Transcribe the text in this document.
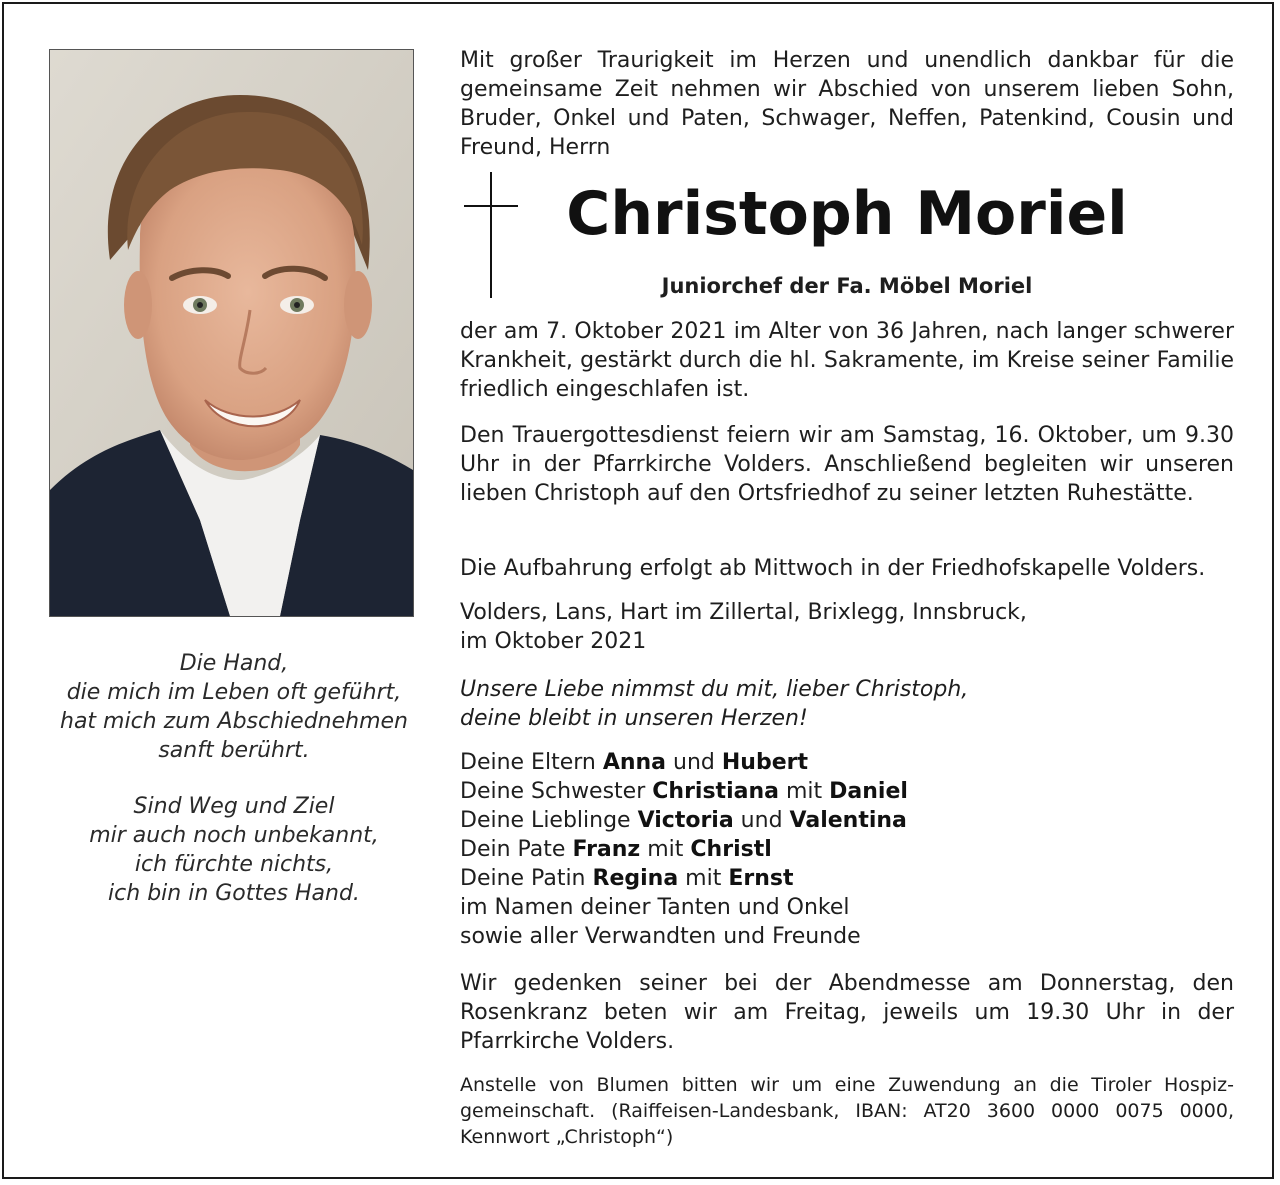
Die Hand,
die mich im Leben oft geführt,
hat mich zum Abschiednehmen
sanft berührt.
Sind Weg und Ziel
mir auch noch unbekannt,
ich fürchte nichts,
ich bin in Gottes Hand.
Mit großer Traurigkeit im Herzen und unendlich dankbar für die gemeinsame Zeit nehmen wir Abschied von unserem lieben Sohn, Bruder, Onkel und Paten, Schwager, Neffen, Patenkind, Cousin und Freund, Herrn
Christoph Moriel
Juniorchef der Fa. Möbel Moriel
der am 7. Oktober 2021 im Alter von 36 Jahren, nach langer schwerer Krankheit, gestärkt durch die hl. Sakramente, im Kreise seiner Familie friedlich eingeschlafen ist.
Den Trauergottesdienst feiern wir am Samstag, 16. Oktober, um 9.30 Uhr in der Pfarrkirche Volders. Anschließend begleiten wir unseren lieben Christoph auf den Ortsfriedhof zu seiner letzten Ruhestätte.
Die Aufbahrung erfolgt ab Mittwoch in der Friedhofskapelle Volders.
Volders, Lans, Hart im Zillertal, Brixlegg, Innsbruck,
im Oktober 2021
Unsere Liebe nimmst du mit, lieber Christoph,
deine bleibt in unseren Herzen!
Deine Eltern Anna und Hubert
Deine Schwester Christiana mit Daniel
Deine Lieblinge Victoria und Valentina
Dein Pate Franz mit Christl
Deine Patin Regina mit Ernst
im Namen deiner Tanten und Onkel
sowie aller Verwandten und Freunde
Wir gedenken seiner bei der Abendmesse am Donnerstag, den Rosenkranz beten wir am Freitag, jeweils um 19.30 Uhr in der Pfarrkirche Volders.
Anstelle von Blumen bitten wir um eine Zuwendung an die Tiroler Hospiz-gemeinschaft. (Raiffeisen-Landesbank, IBAN: AT20 3600 0000 0075 0000, Kennwort „Christoph“)
